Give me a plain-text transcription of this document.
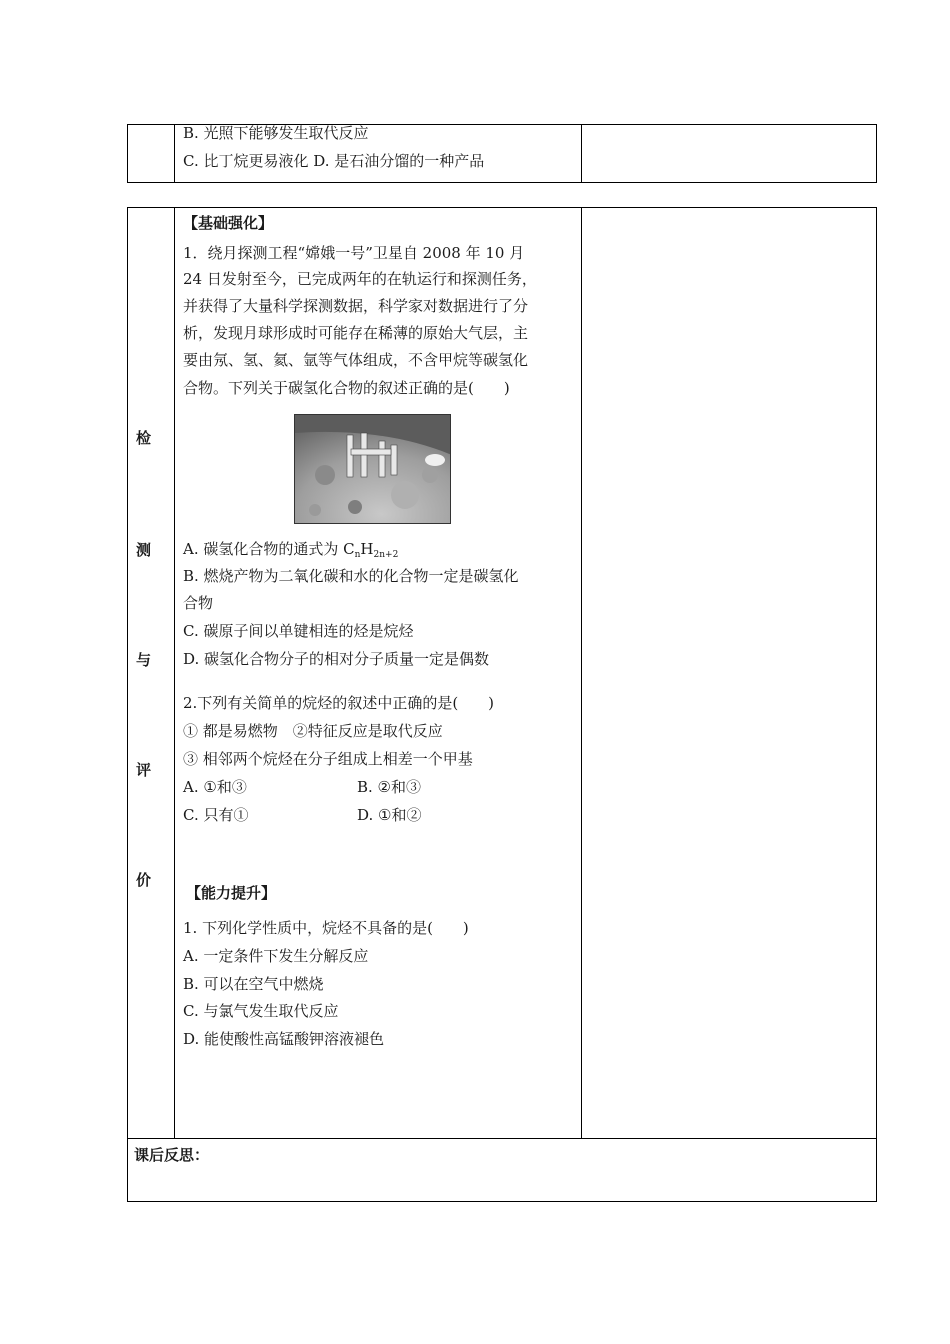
B. 光照下能够发生取代反应
C. 比丁烷更易液化 D. 是石油分馏的一种产品
检
测
与
评
价
【基础强化】
1．绕月探测工程“嫦娥一号”卫星自 2008 年 10 月
24 日发射至今，已完成两年的在轨运行和探测任务，
并获得了大量科学探测数据，科学家对数据进行了分
析，发现月球形成时可能存在稀薄的原始大气层，主
要由氖、氢、氦、氩等气体组成，不含甲烷等碳氢化
合物。下列关于碳氢化合物的叙述正确的是(　　)
A. 碳氢化合物的通式为 $C_nH_{2n+2}$
B. 燃烧产物为二氧化碳和水的化合物一定是碳氢化
合物
C. 碳原子间以单键相连的烃是烷烃
D. 碳氢化合物分子的相对分子质量一定是偶数
2.下列有关简单的烷烃的叙述中正确的是(　　)
① 都是易燃物　②特征反应是取代反应
③ 相邻两个烷烃在分子组成上相差一个甲基
A. ①和③	B. ②和③
C. 只有①	D. ①和②
【能力提升】
1. 下列化学性质中，烷烃不具备的是(　　)
A. 一定条件下发生分解反应
B. 可以在空气中燃烧
C. 与氯气发生取代反应
D. 能使酸性高锰酸钾溶液褪色
课后反思：
